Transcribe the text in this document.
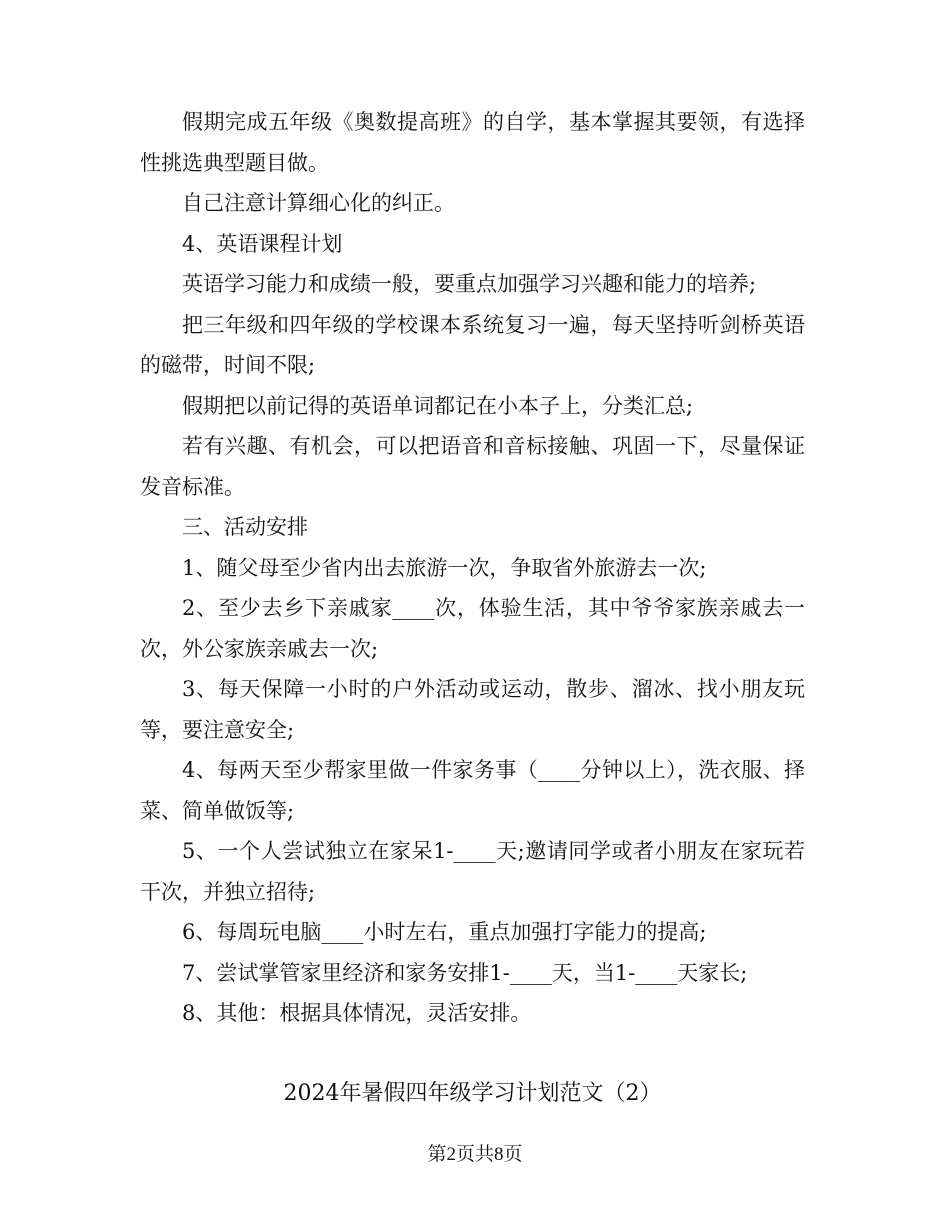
假期完成五年级《奥数提高班》的自学，基本掌握其要领，有选择性挑选典型题目做。

自己注意计算细心化的纠正。

4、英语课程计划

英语学习能力和成绩一般，要重点加强学习兴趣和能力的培养;

把三年级和四年级的学校课本系统复习一遍，每天坚持听剑桥英语的磁带，时间不限;

假期把以前记得的英语单词都记在小本子上，分类汇总;

若有兴趣、有机会，可以把语音和音标接触、巩固一下，尽量保证发音标准。

三、活动安排

1、随父母至少省内出去旅游一次，争取省外旅游去一次;

2、至少去乡下亲戚家____次，体验生活，其中爷爷家族亲戚去一次，外公家族亲戚去一次;

3、每天保障一小时的户外活动或运动，散步、溜冰、找小朋友玩等，要注意安全;

4、每两天至少帮家里做一件家务事（____分钟以上），洗衣服、择菜、简单做饭等;

5、一个人尝试独立在家呆1-____天;邀请同学或者小朋友在家玩若干次，并独立招待;

6、每周玩电脑____小时左右，重点加强打字能力的提高;

7、尝试掌管家里经济和家务安排1-____天，当1-____天家长;

8、其他：根据具体情况，灵活安排。

2024年暑假四年级学习计划范文（2）

第2页共8页
